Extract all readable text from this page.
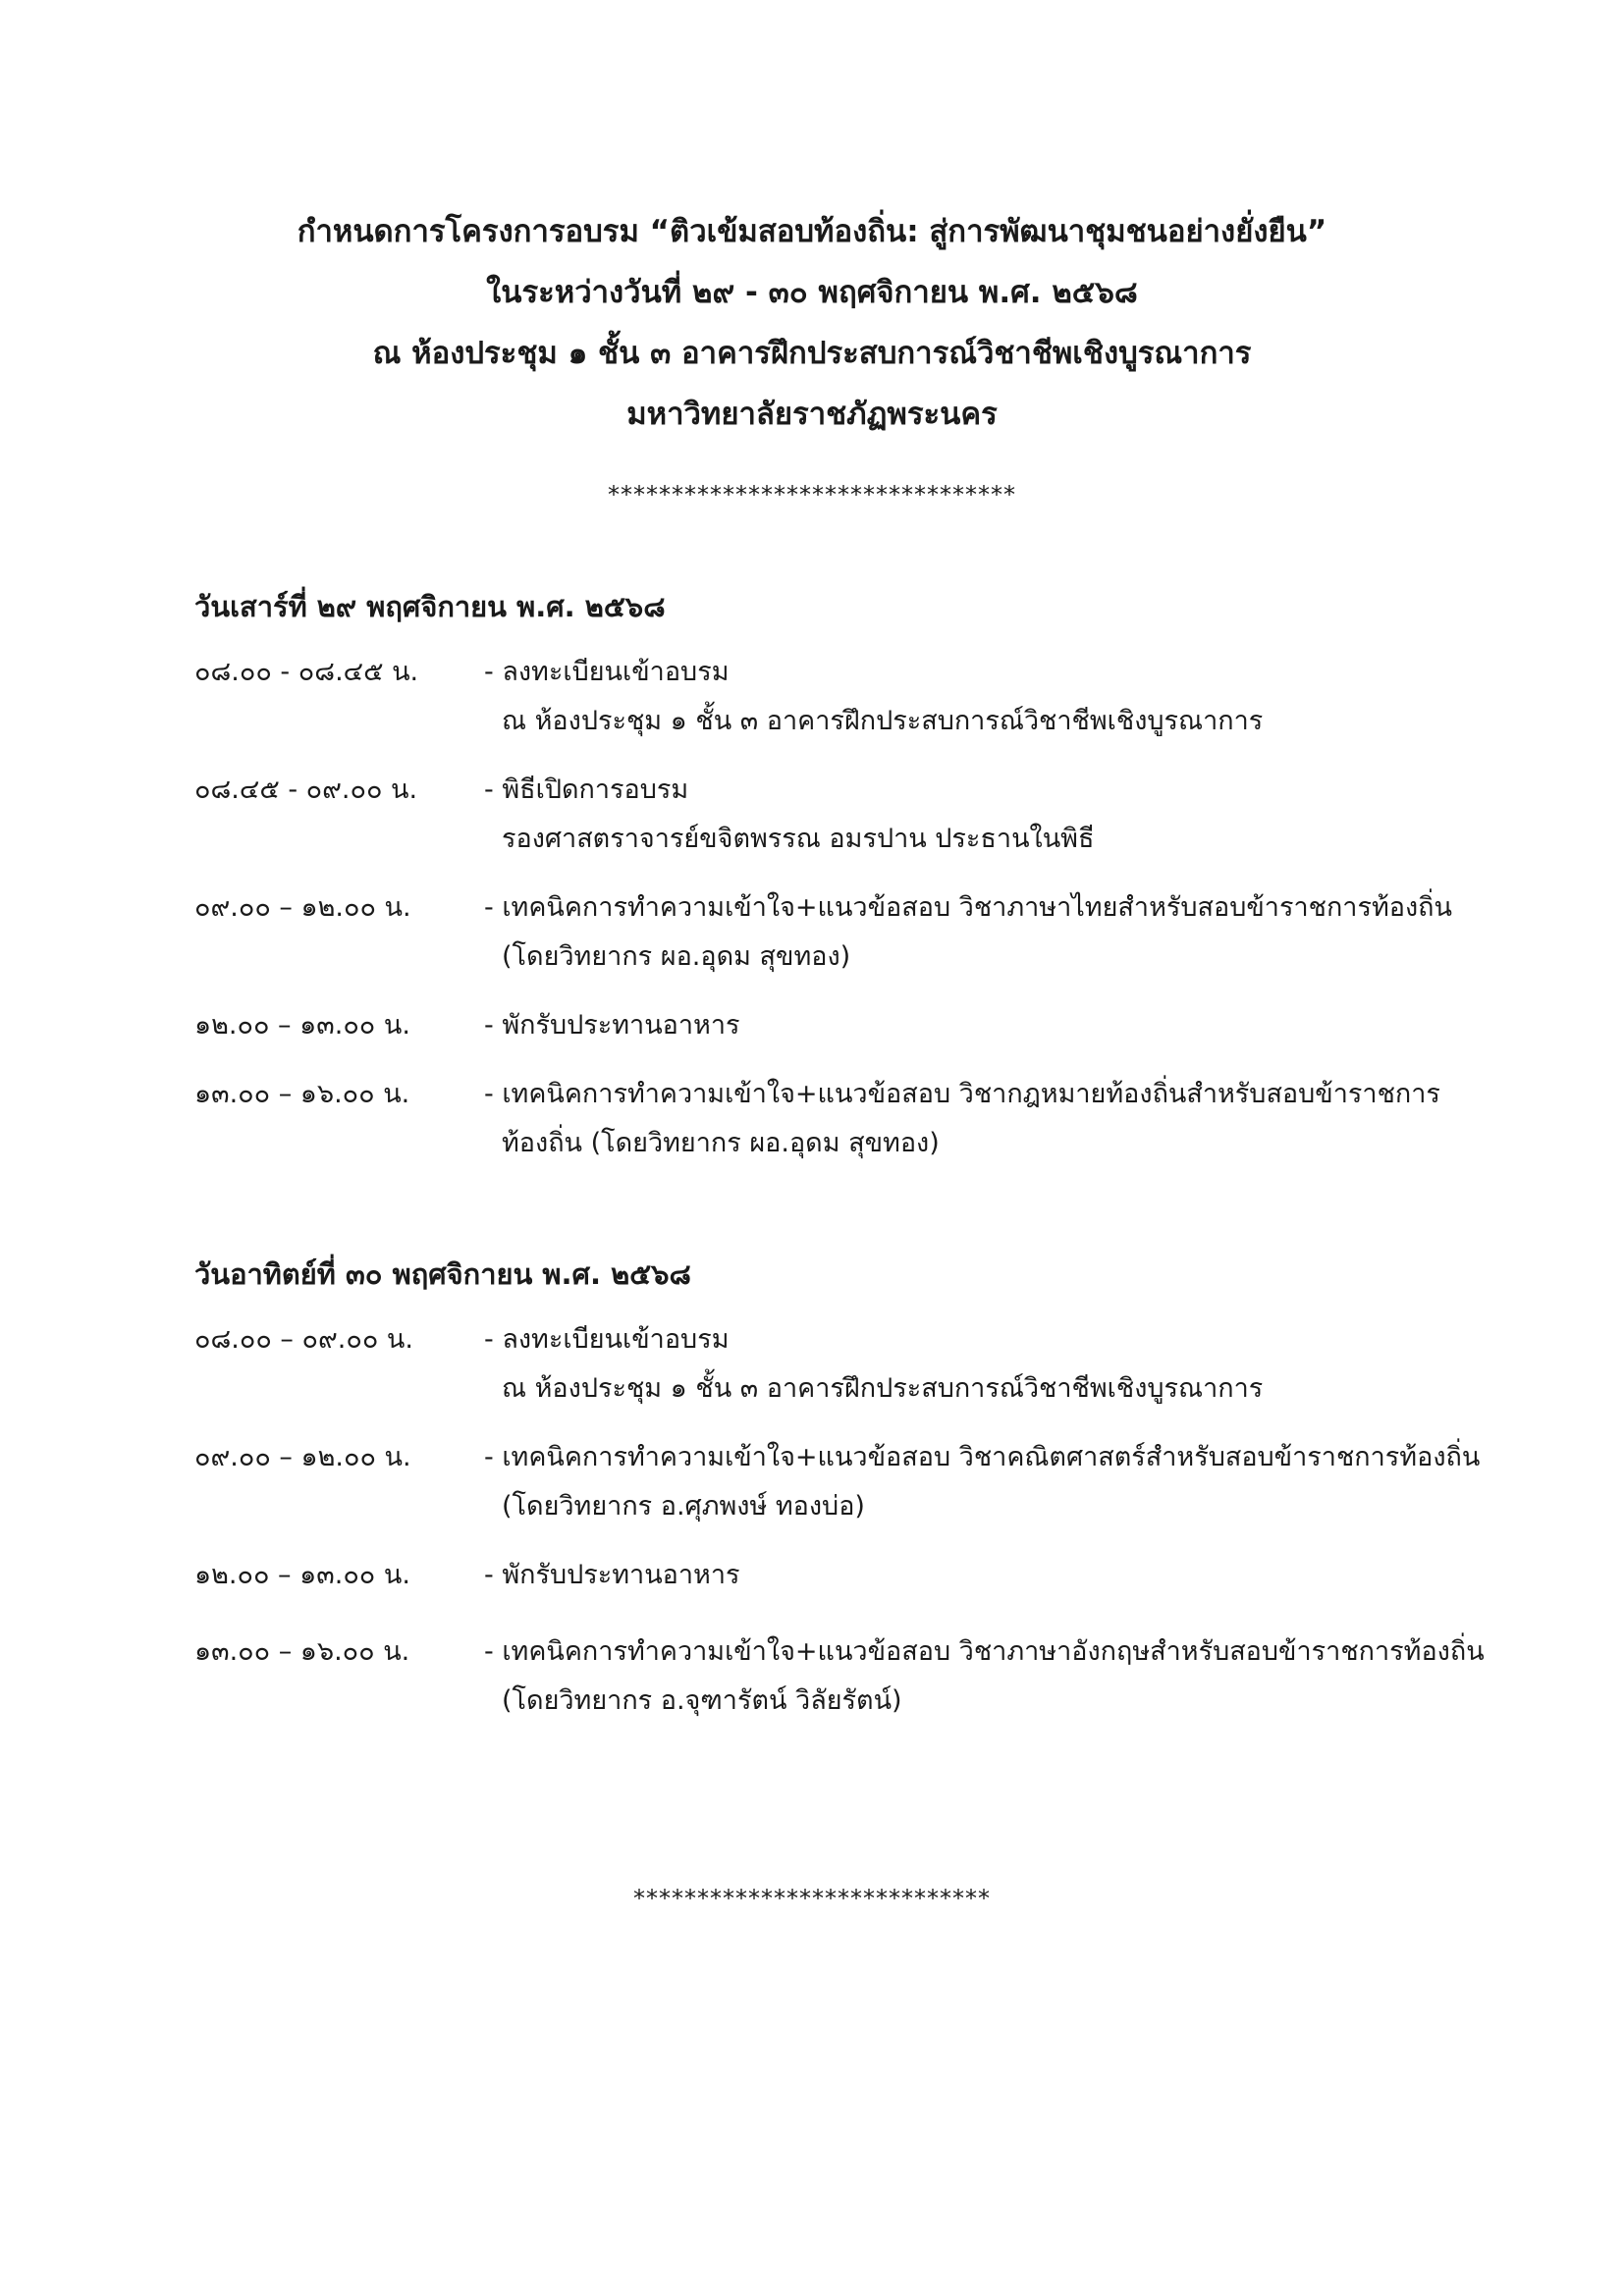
กำหนดการโครงการอบรม “ติวเข้มสอบท้องถิ่น: สู่การพัฒนาชุมชนอย่างยั่งยืน”
ในระหว่างวันที่ ๒๙ - ๓๐ พฤศจิกายน พ.ศ. ๒๕๖๘
ณ ห้องประชุม ๑ ชั้น ๓ อาคารฝึกประสบการณ์วิชาชีพเชิงบูรณาการ
มหาวิทยาลัยราชภัฏพระนคร
********************************
วันเสาร์ที่ ๒๙ พฤศจิกายน พ.ศ. ๒๕๖๘
๐๘.๐๐ - ๐๘.๔๕ น.	- ลงทะเบียนเข้าอบรม
ณ ห้องประชุม ๑ ชั้น ๓ อาคารฝึกประสบการณ์วิชาชีพเชิงบูรณาการ
๐๘.๔๕ - ๐๙.๐๐ น.	- พิธีเปิดการอบรม
รองศาสตราจารย์ขจิตพรรณ อมรปาน ประธานในพิธี
๐๙.๐๐ – ๑๒.๐๐ น.	- เทคนิคการทำความเข้าใจ+แนวข้อสอบ วิชาภาษาไทยสำหรับสอบข้าราชการท้องถิ่น
(โดยวิทยากร ผอ.อุดม สุขทอง)
๑๒.๐๐ – ๑๓.๐๐ น.	- พักรับประทานอาหาร
๑๓.๐๐ – ๑๖.๐๐ น.	- เทคนิคการทำความเข้าใจ+แนวข้อสอบ วิชากฎหมายท้องถิ่นสำหรับสอบข้าราชการ
ท้องถิ่น (โดยวิทยากร ผอ.อุดม สุขทอง)
วันอาทิตย์ที่ ๓๐ พฤศจิกายน พ.ศ. ๒๕๖๘
๐๘.๐๐ – ๐๙.๐๐ น.	- ลงทะเบียนเข้าอบรม
ณ ห้องประชุม ๑ ชั้น ๓ อาคารฝึกประสบการณ์วิชาชีพเชิงบูรณาการ
๐๙.๐๐ – ๑๒.๐๐ น.	- เทคนิคการทำความเข้าใจ+แนวข้อสอบ วิชาคณิตศาสตร์สำหรับสอบข้าราชการท้องถิ่น
(โดยวิทยากร อ.ศุภพงษ์ ทองบ่อ)
๑๒.๐๐ – ๑๓.๐๐ น.	- พักรับประทานอาหาร
๑๓.๐๐ – ๑๖.๐๐ น.	- เทคนิคการทำความเข้าใจ+แนวข้อสอบ วิชาภาษาอังกฤษสำหรับสอบข้าราชการท้องถิ่น
(โดยวิทยากร อ.จุฑารัตน์ วิลัยรัตน์)
****************************
